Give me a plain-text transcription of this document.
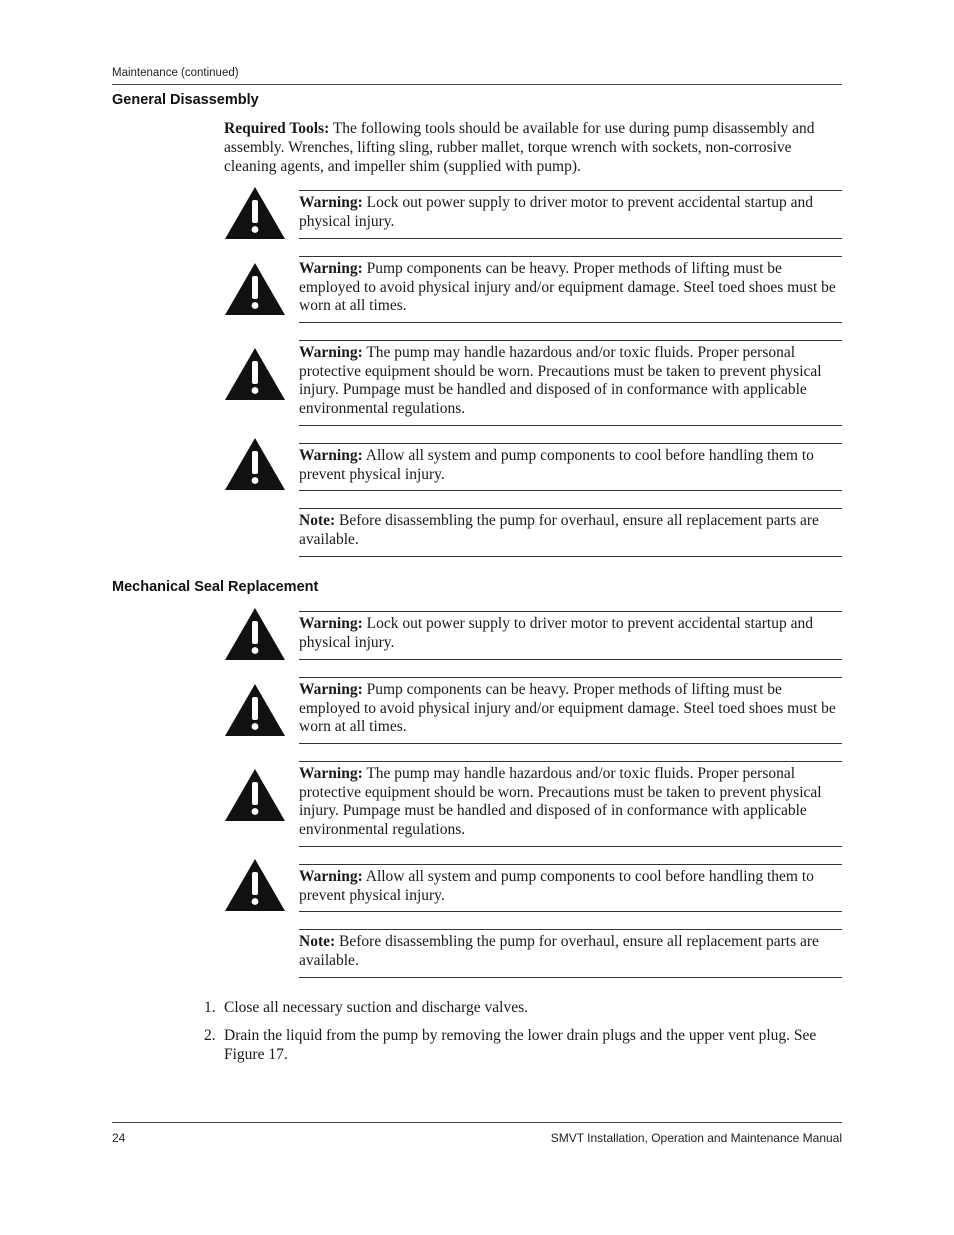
Maintenance (continued)
General Disassembly
Required Tools: The following tools should be available for use during pump disassembly and assembly. Wrenches, lifting sling, rubber mallet, torque wrench with sockets, non-corrosive cleaning agents, and impeller shim (supplied with pump).
Warning: Lock out power supply to driver motor to prevent accidental startup and physical injury.
Warning: Pump components can be heavy. Proper methods of lifting must be employed to avoid physical injury and/or equipment damage. Steel toed shoes must be worn at all times.
Warning: The pump may handle hazardous and/or toxic fluids. Proper personal protective equipment should be worn. Precautions must be taken to prevent physical injury. Pumpage must be handled and disposed of in conformance with applicable environmental regulations.
Warning: Allow all system and pump components to cool before handling them to prevent physical injury.
Note: Before disassembling the pump for overhaul, ensure all replacement parts are available.
Mechanical Seal Replacement
Warning: Lock out power supply to driver motor to prevent accidental startup and physical injury.
Warning: Pump components can be heavy. Proper methods of lifting must be employed to avoid physical injury and/or equipment damage. Steel toed shoes must be worn at all times.
Warning: The pump may handle hazardous and/or toxic fluids. Proper personal protective equipment should be worn. Precautions must be taken to prevent physical injury. Pumpage must be handled and disposed of in conformance with applicable environmental regulations.
Warning: Allow all system and pump components to cool before handling them to prevent physical injury.
Note: Before disassembling the pump for overhaul, ensure all replacement parts are available.
1. Close all necessary suction and discharge valves.
2. Drain the liquid from the pump by removing the lower drain plugs and the upper vent plug. See Figure 17.
24	SMVT Installation, Operation and Maintenance Manual
